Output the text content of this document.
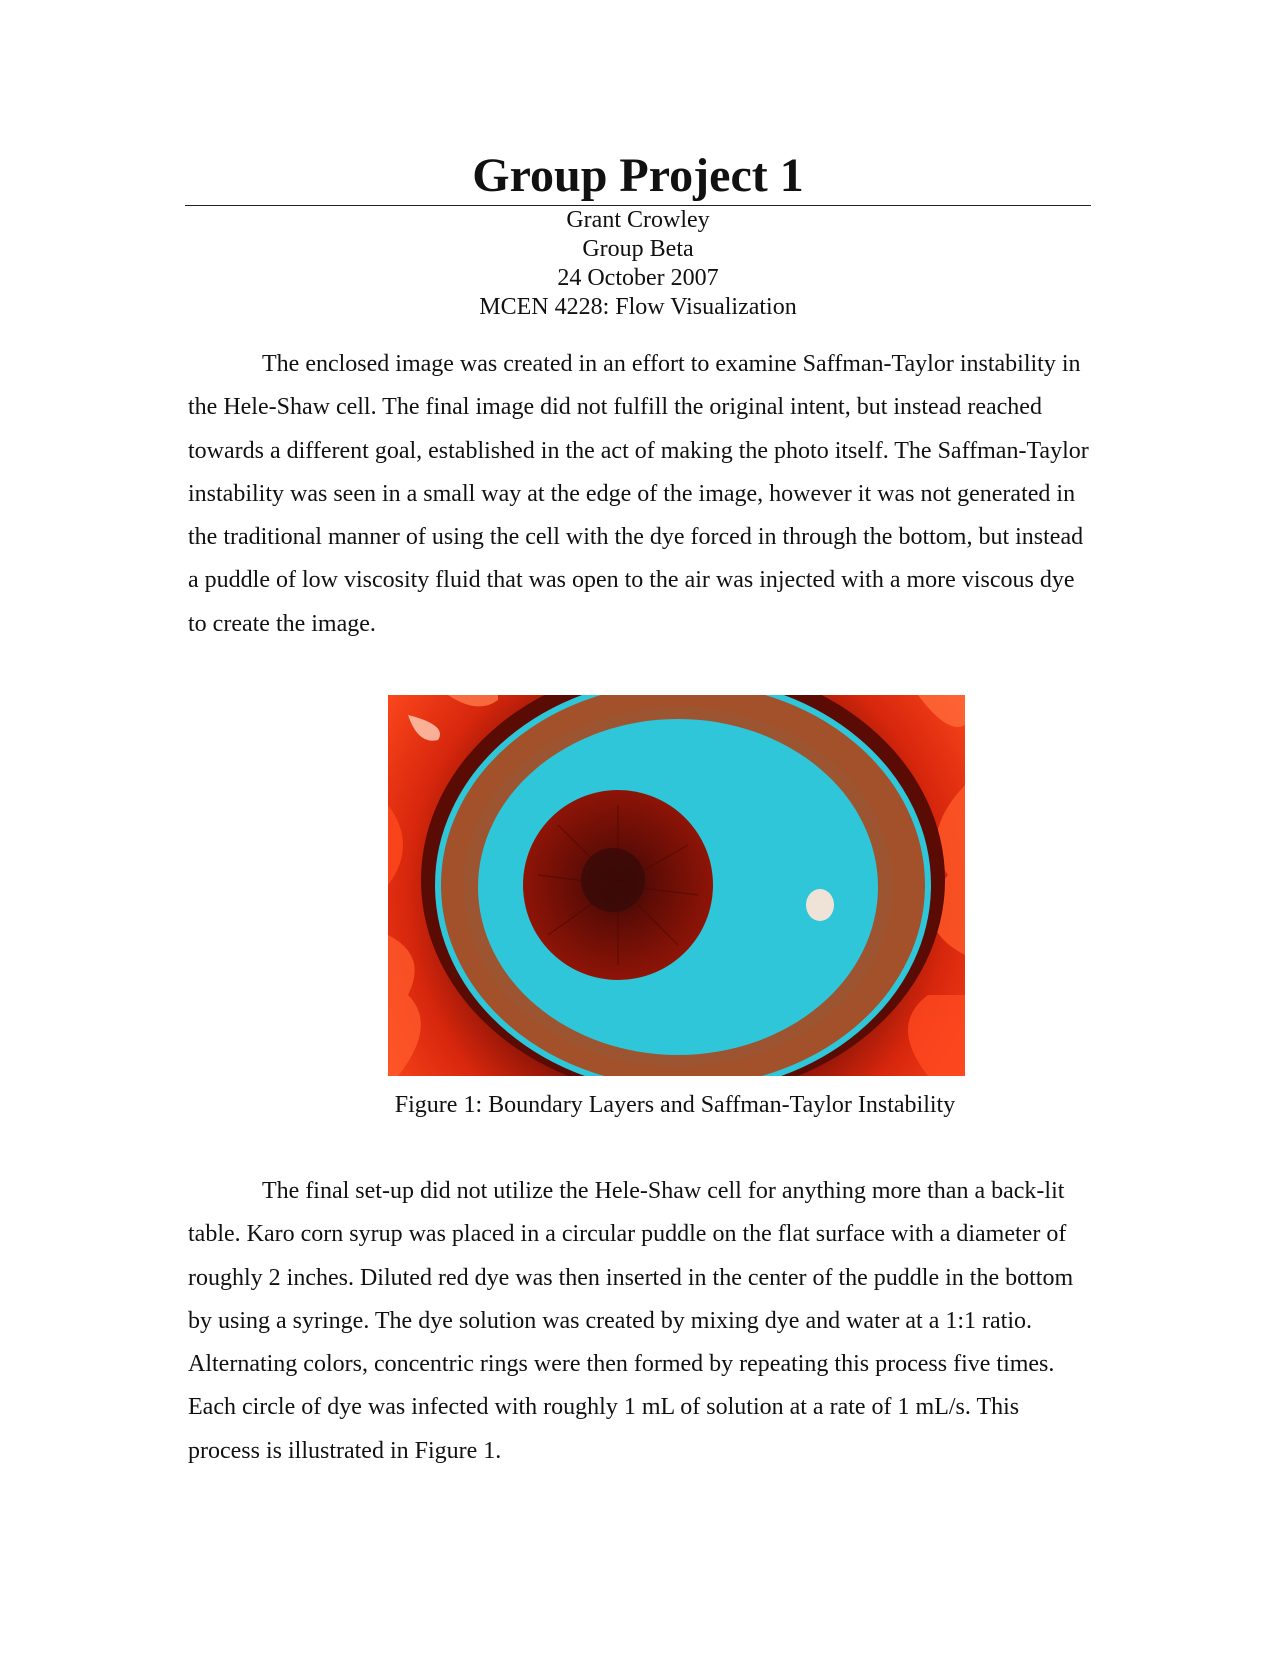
Group Project 1
Grant Crowley
Group Beta
24 October 2007
MCEN 4228: Flow Visualization

The enclosed image was created in an effort to examine Saffman-Taylor instability in the Hele-Shaw cell. The final image did not fulfill the original intent, but instead reached towards a different goal, established in the act of making the photo itself. The Saffman-Taylor instability was seen in a small way at the edge of the image, however it was not generated in the traditional manner of using the cell with the dye forced in through the bottom, but instead a puddle of low viscosity fluid that was open to the air was injected with a more viscous dye to create the image.

Figure 1: Boundary Layers and Saffman-Taylor Instability

The final set-up did not utilize the Hele-Shaw cell for anything more than a back-lit table. Karo corn syrup was placed in a circular puddle on the flat surface with a diameter of roughly 2 inches. Diluted red dye was then inserted in the center of the puddle in the bottom by using a syringe. The dye solution was created by mixing dye and water at a 1:1 ratio. Alternating colors, concentric rings were then formed by repeating this process five times. Each circle of dye was infected with roughly 1 mL of solution at a rate of 1 mL/s. This process is illustrated in Figure 1.
